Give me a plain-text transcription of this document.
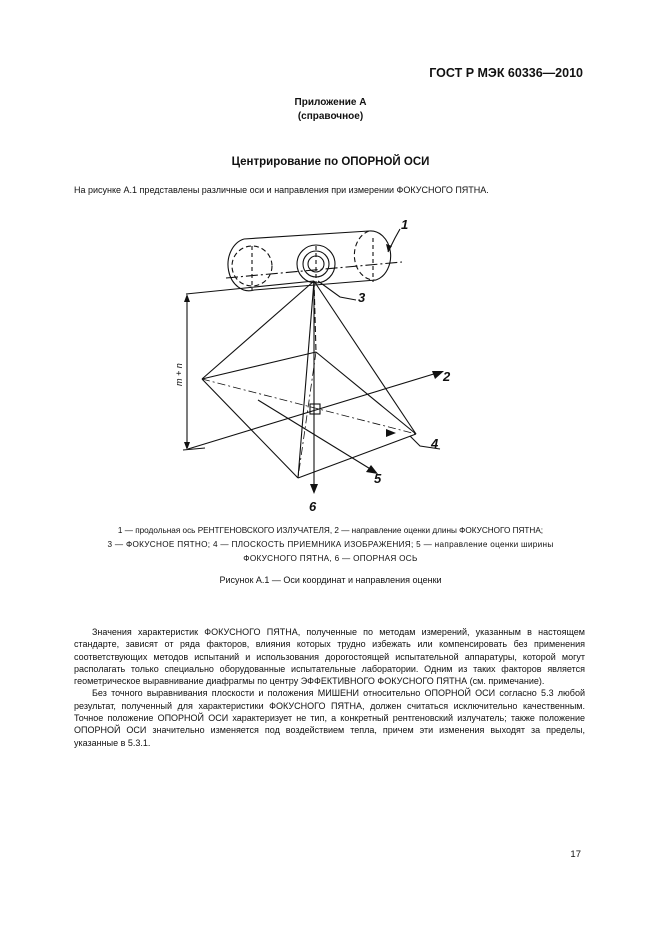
ГОСТ Р МЭК 60336—2010
Приложение А
(справочное)
Центрирование по ОПОРНОЙ ОСИ
На рисунке А.1 представлены различные оси и направления при измерении ФОКУСНОГО ПЯТНА.
1
3
2
4
5
6
m + n
1 — продольная ось РЕНТГЕНОВСКОГО ИЗЛУЧАТЕЛЯ, 2 — направление оценки длины ФОКУСНОГО ПЯТНА;
3 — ФОКУСНОЕ ПЯТНО; 4 — ПЛОСКОСТЬ ПРИЕМНИКА ИЗОБРАЖЕНИЯ; 5 — направление оценки ширины
ФОКУСНОГО ПЯТНА, 6 — ОПОРНАЯ ОСЬ
Рисунок А.1 — Оси координат и направления оценки

Значения характеристик ФОКУСНОГО ПЯТНА, полученные по методам измерений, указанным в настоящем стандарте, зависят от ряда факторов, влияния которых трудно избежать или компенсировать без применения соответствующих методов испытаний и использования дорогостоящей испытательной аппаратуры, которой могут располагать только специально оборудованные испытательные лаборатории. Одним из таких факторов является геометрическое выравнивание диафрагмы по центру ЭФФЕКТИВНОГО ФОКУСНОГО ПЯТНА (см. примечание).

Без точного выравнивания плоскости и положения МИШЕНИ относительно ОПОРНОЙ ОСИ согласно 5.3 любой результат, полученный для характеристики ФОКУСНОГО ПЯТНА, должен считаться исключительно качественным. Точное положение ОПОРНОЙ ОСИ характеризует не тип, а конкретный рентгеновский излучатель; также положение ОПОРНОЙ ОСИ значительно изменяется под воздействием тепла, причем эти изменения выходят за пределы, указанные в 5.3.1.

17
